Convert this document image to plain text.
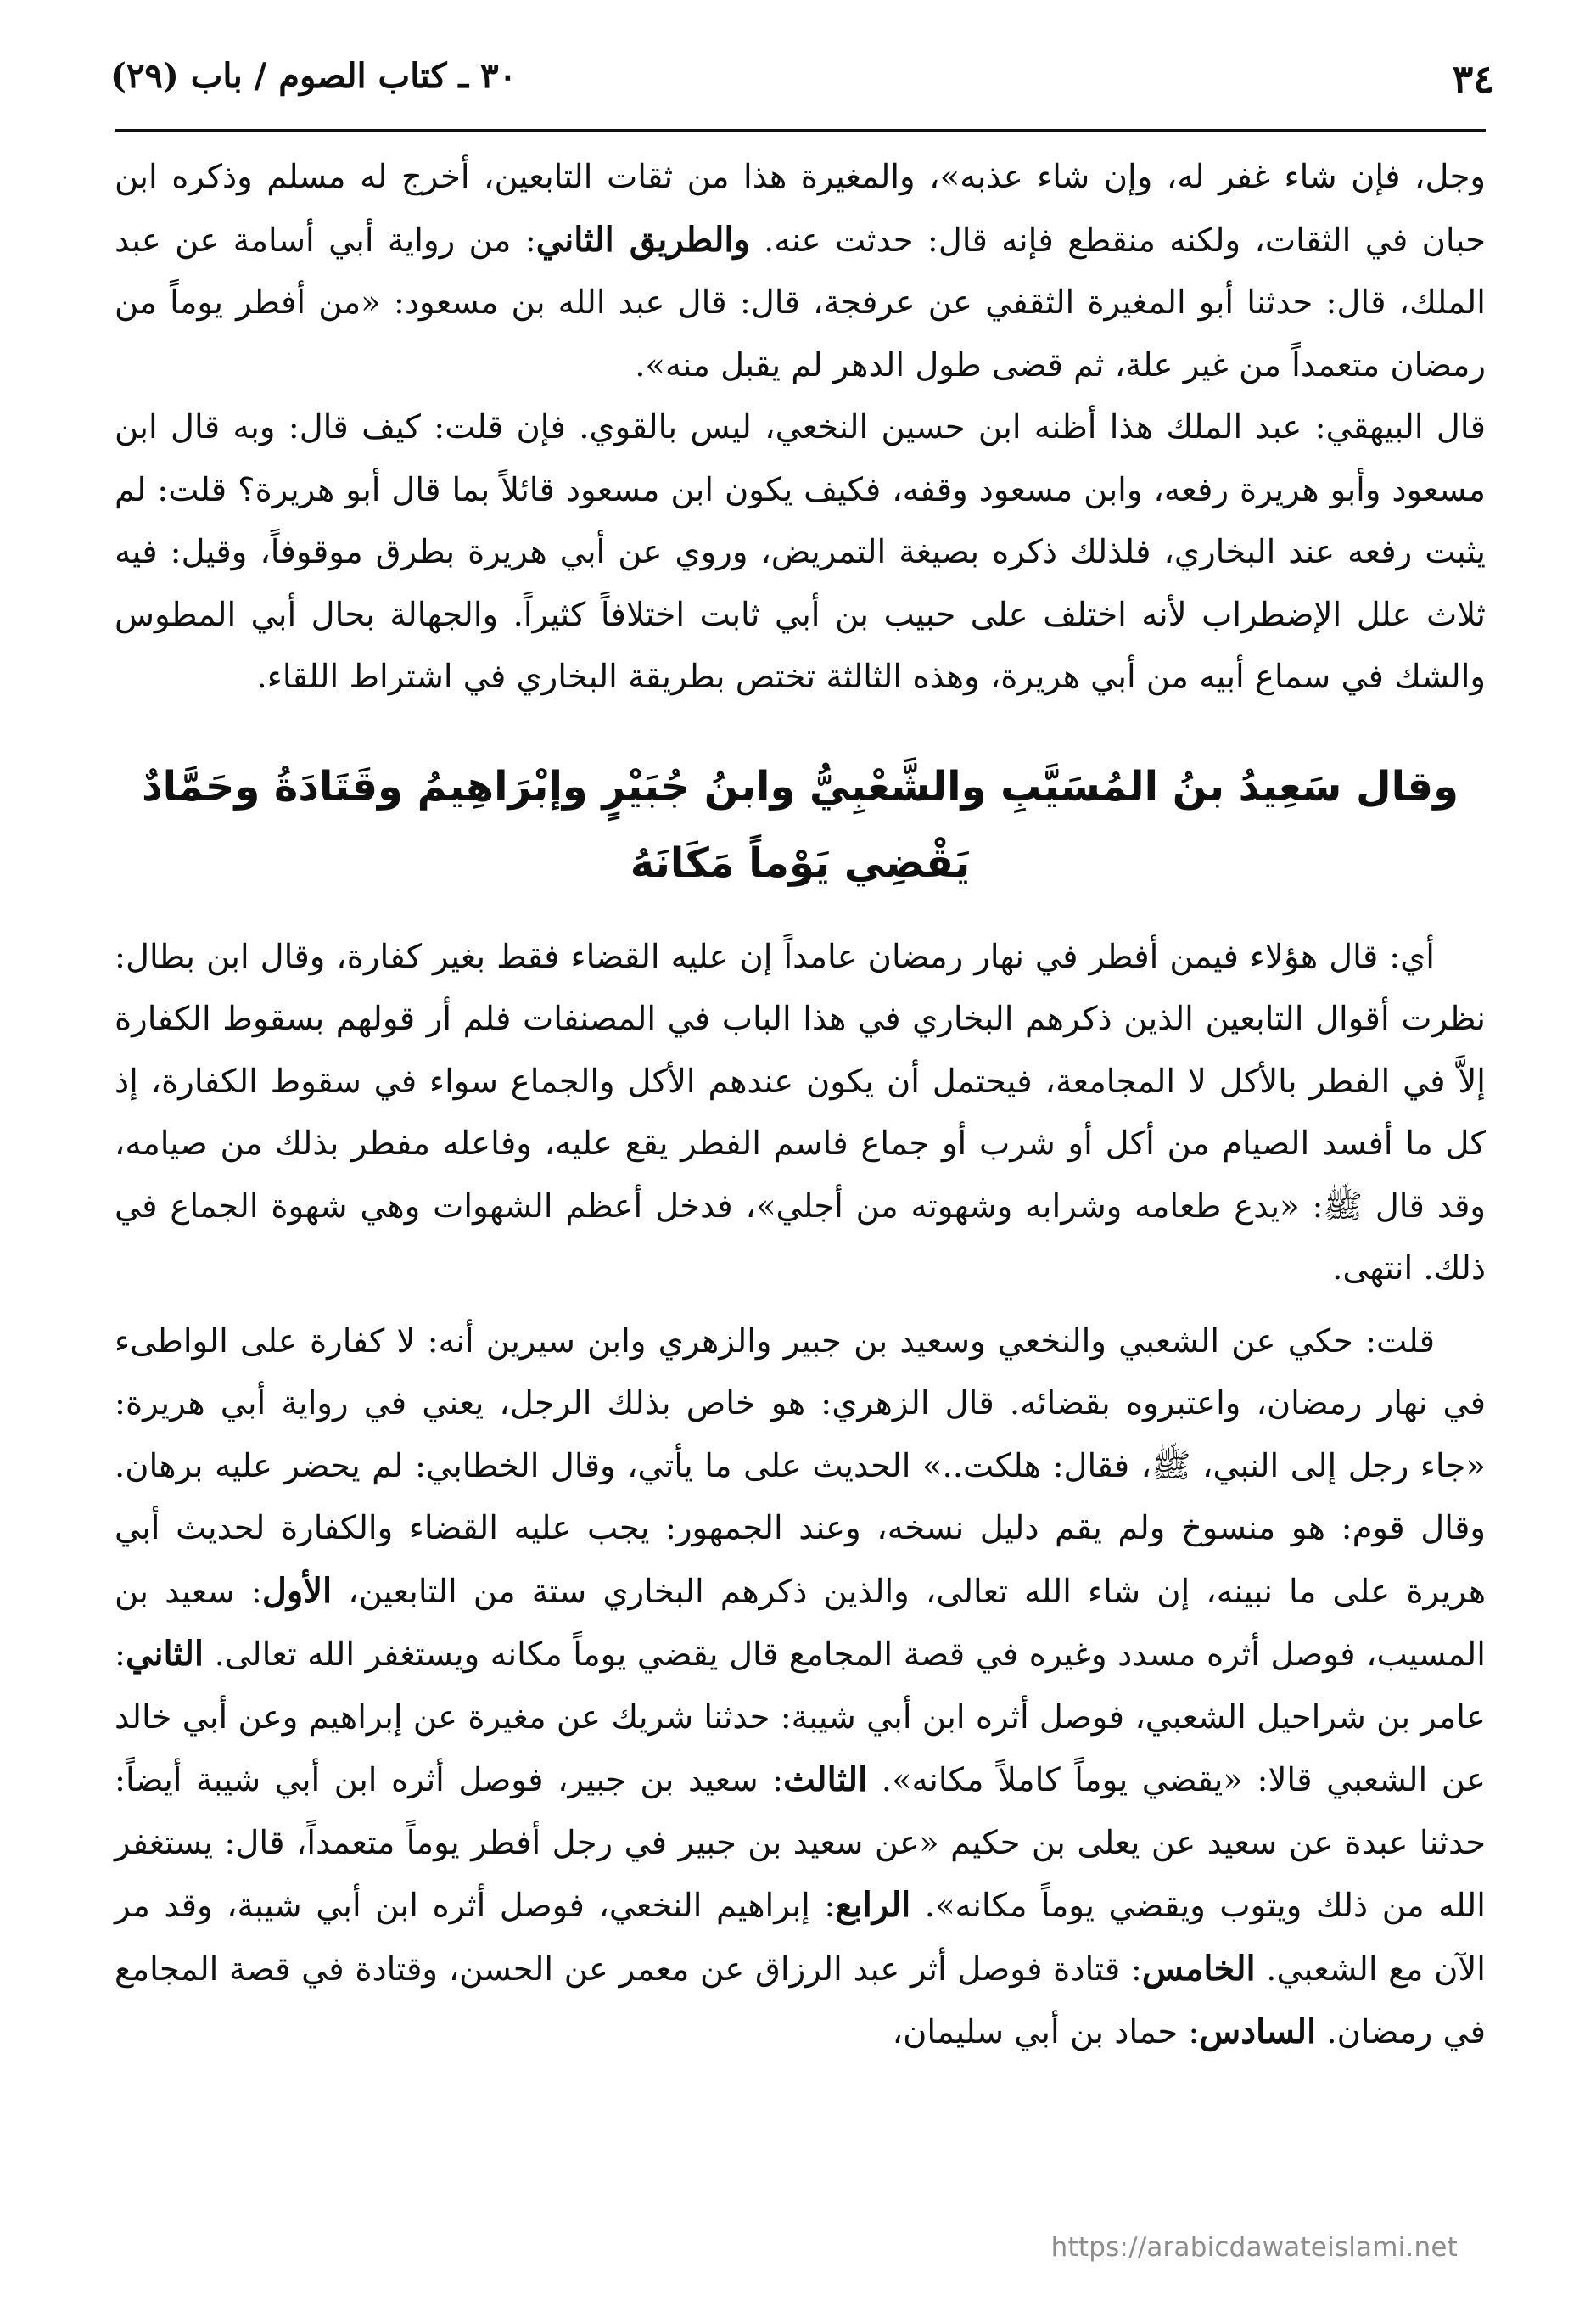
٣٤
٣٠ ـ كتاب الصوم / باب (٢٩)

وجل، فإن شاء غفر له، وإن شاء عذبه»، والمغيرة هذا من ثقات التابعين، أخرج له مسلم وذكره ابن حبان في الثقات، ولكنه منقطع فإنه قال: حدثت عنه. والطريق الثاني: من رواية أبي أسامة عن عبد الملك، قال: حدثنا أبو المغيرة الثقفي عن عرفجة، قال: قال عبد الله بن مسعود: «من أفطر يوماً من رمضان متعمداً من غير علة، ثم قضى طول الدهر لم يقبل منه».

قال البيهقي: عبد الملك هذا أظنه ابن حسين النخعي، ليس بالقوي. فإن قلت: كيف قال: وبه قال ابن مسعود وأبو هريرة رفعه، وابن مسعود وقفه، فكيف يكون ابن مسعود قائلاً بما قال أبو هريرة؟ قلت: لم يثبت رفعه عند البخاري، فلذلك ذكره بصيغة التمريض، وروي عن أبي هريرة بطرق موقوفاً، وقيل: فيه ثلاث علل الإضطراب لأنه اختلف على حبيب بن أبي ثابت اختلافاً كثيراً. والجهالة بحال أبي المطوس والشك في سماع أبيه من أبي هريرة، وهذه الثالثة تختص بطريقة البخاري في اشتراط اللقاء.

وقال سَعِيدُ بنُ المُسَيَّبِ والشَّعْبِيُّ وابنُ جُبَيْرٍ وإبْرَاهِيمُ وقَتَادَةُ وحَمَّادٌ
يَقْضِي يَوْماً مَكَانَهُ

أي: قال هؤلاء فيمن أفطر في نهار رمضان عامداً إن عليه القضاء فقط بغير كفارة، وقال ابن بطال: نظرت أقوال التابعين الذين ذكرهم البخاري في هذا الباب في المصنفات فلم أر قولهم بسقوط الكفارة إلاَّ في الفطر بالأكل لا المجامعة، فيحتمل أن يكون عندهم الأكل والجماع سواء في سقوط الكفارة، إذ كل ما أفسد الصيام من أكل أو شرب أو جماع فاسم الفطر يقع عليه، وفاعله مفطر بذلك من صيامه، وقد قال ﷺ: «يدع طعامه وشرابه وشهوته من أجلي»، فدخل أعظم الشهوات وهي شهوة الجماع في ذلك. انتهى.

قلت: حكي عن الشعبي والنخعي وسعيد بن جبير والزهري وابن سيرين أنه: لا كفارة على الواطىء في نهار رمضان، واعتبروه بقضائه. قال الزهري: هو خاص بذلك الرجل، يعني في رواية أبي هريرة: «جاء رجل إلى النبي، ﷺ، فقال: هلكت..» الحديث على ما يأتي، وقال الخطابي: لم يحضر عليه برهان. وقال قوم: هو منسوخ ولم يقم دليل نسخه، وعند الجمهور: يجب عليه القضاء والكفارة لحديث أبي هريرة على ما نبينه، إن شاء الله تعالى، والذين ذكرهم البخاري ستة من التابعين، الأول: سعيد بن المسيب، فوصل أثره مسدد وغيره في قصة المجامع قال يقضي يوماً مكانه ويستغفر الله تعالى. الثاني: عامر بن شراحيل الشعبي، فوصل أثره ابن أبي شيبة: حدثنا شريك عن مغيرة عن إبراهيم وعن أبي خالد عن الشعبي قالا: «يقضي يوماً كاملاً مكانه». الثالث: سعيد بن جبير، فوصل أثره ابن أبي شيبة أيضاً: حدثنا عبدة عن سعيد عن يعلى بن حكيم «عن سعيد بن جبير في رجل أفطر يوماً متعمداً، قال: يستغفر الله من ذلك ويتوب ويقضي يوماً مكانه». الرابع: إبراهيم النخعي، فوصل أثره ابن أبي شيبة، وقد مر الآن مع الشعبي. الخامس: قتادة فوصل أثر عبد الرزاق عن معمر عن الحسن، وقتادة في قصة المجامع في رمضان. السادس: حماد بن أبي سليمان،

https://arabicdawateislami.net
